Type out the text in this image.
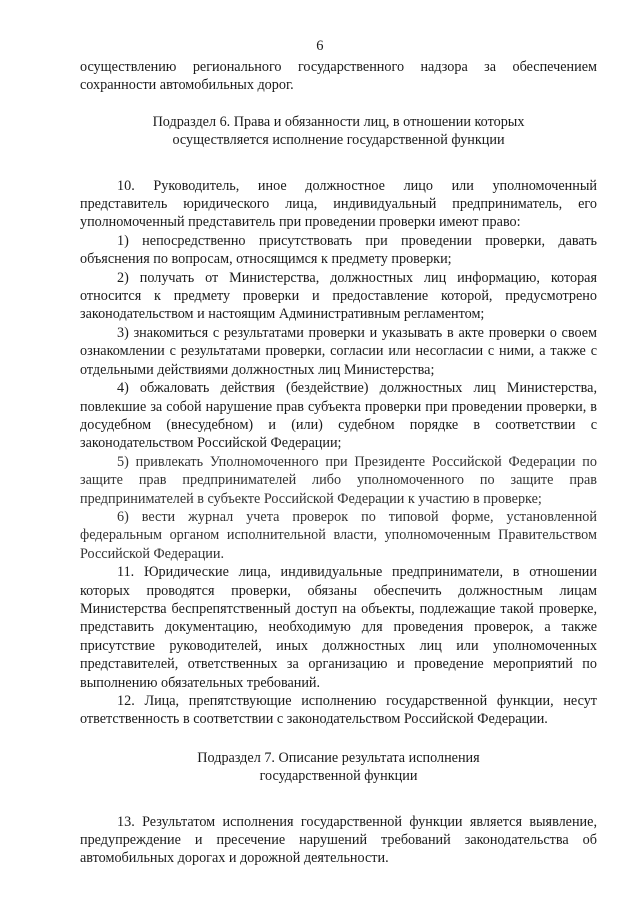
6

осуществлению регионального государственного надзора за обеспечением сохранности автомобильных дорог.

Подраздел 6. Права и обязанности лиц, в отношении которых
осуществляется исполнение государственной функции

10. Руководитель, иное должностное лицо или уполномоченный представитель юридического лица, индивидуальный предприниматель, его уполномоченный представитель при проведении проверки имеют право:

1) непосредственно присутствовать при проведении проверки, давать объяснения по вопросам, относящимся к предмету проверки;

2) получать от Министерства, должностных лиц информацию, которая относится к предмету проверки и предоставление которой, предусмотрено законодательством и настоящим Административным регламентом;

3) знакомиться с результатами проверки и указывать в акте проверки о своем ознакомлении с результатами проверки, согласии или несогласии с ними, а также с отдельными действиями должностных лиц Министерства;

4) обжаловать действия (бездействие) должностных лиц Министерства, повлекшие за собой нарушение прав субъекта проверки при проведении проверки, в досудебном (внесудебном) и (или) судебном порядке в соответствии с законодательством Российской Федерации;

5) привлекать Уполномоченного при Президенте Российской Федерации по защите прав предпринимателей либо уполномоченного по защите прав предпринимателей в субъекте Российской Федерации к участию в проверке;

6) вести журнал учета проверок по типовой форме, установленной федеральным органом исполнительной власти, уполномоченным Правительством Российской Федерации.

11. Юридические лица, индивидуальные предприниматели, в отношении которых проводятся проверки, обязаны обеспечить должностным лицам Министерства беспрепятственный доступ на объекты, подлежащие такой проверке, представить документацию, необходимую для проведения проверок, а также присутствие руководителей, иных должностных лиц или уполномоченных представителей, ответственных за организацию и проведение мероприятий по выполнению обязательных требований.

12. Лица, препятствующие исполнению государственной функции, несут ответственность в соответствии с законодательством Российской Федерации.

Подраздел 7. Описание результата исполнения
государственной функции

13. Результатом исполнения государственной функции является выявление, предупреждение и пресечение нарушений требований законодательства об автомобильных дорогах и дорожной деятельности.
